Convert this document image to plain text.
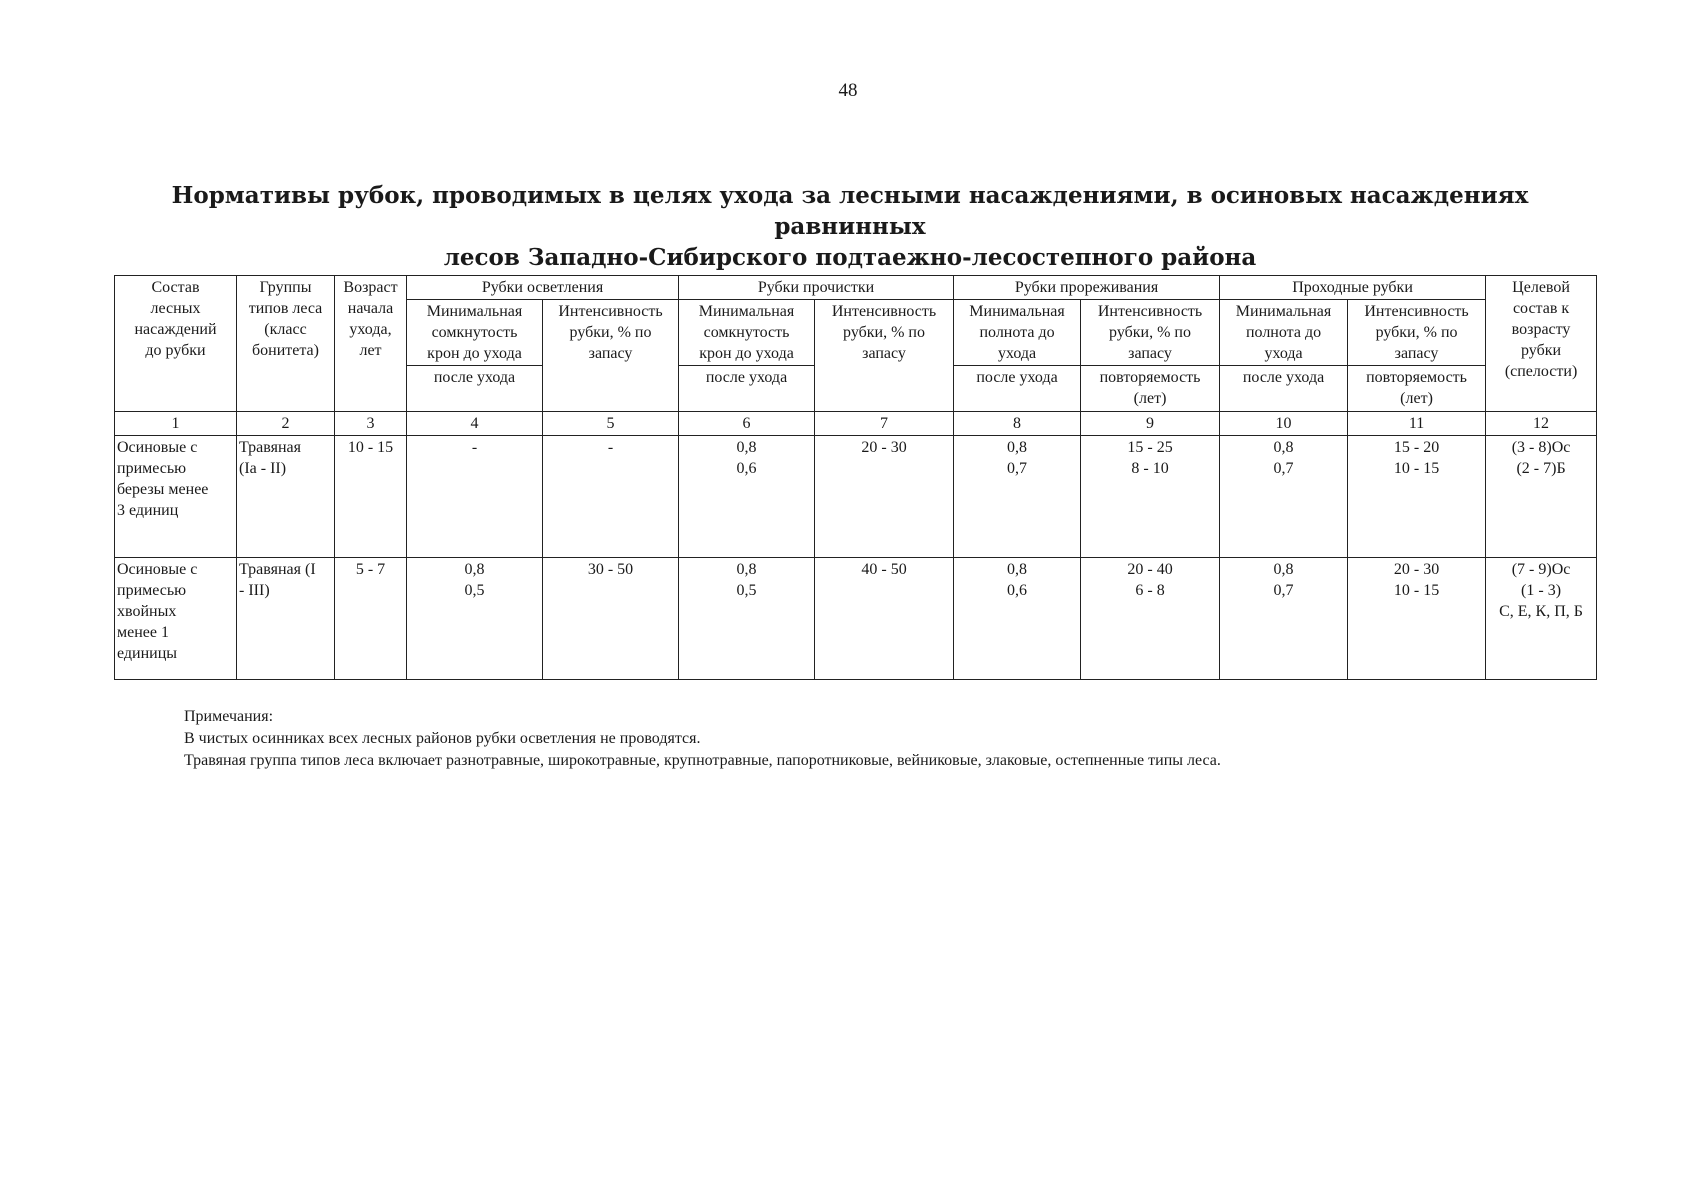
48
Нормативы рубок, проводимых в целях ухода за лесными насаждениями, в осиновых насаждениях равнинных
лесов Западно-Сибирского подтаежно-лесостепного района
Состав
лесных
насаждений
до рубки	Группы
типов леса
(класс
бонитета)	Возраст
начала
ухода,
лет	Рубки осветления		Рубки прочистки		Рубки прореживания		Проходные рубки		Целевой
состав к
возрасту
рубки
(спелости)

			Минимальная
сомкнутость
крон до ухода	Интенсивность
рубки, % по
запасу	Минимальная
сомкнутость
крон до ухода	Интенсивность
рубки, % по
запасу	Минимальная
полнота до
ухода	Интенсивность
рубки, % по
запасу	Минимальная
полнота до
ухода	Интенсивность
рубки, % по
запасу	

			после ухода		после ухода		после ухода	повторяемость
(лет)	после ухода	повторяемость
(лет)	

1	2	3	4	5	6	7	8	9	10	11	12

Осиновые с
примесью
березы менее
3 единиц	Травяная
(Iа - II)	10 - 15	-	-	0,8
0,6	20 - 30	0,8
0,7	15 - 25
8 - 10	0,8
0,7	15 - 20
10 - 15	(3 - 8)Ос
(2 - 7)Б

Осиновые с
примесью
хвойных
менее 1
единицы	Травяная (I
- III)	5 - 7	0,8
0,5	30 - 50	0,8
0,5	40 - 50	0,8
0,6	20 - 40
6 - 8	0,8
0,7	20 - 30
10 - 15	(7 - 9)Ос
(1 - 3)
С, Е, К, П, Б
Примечания:
В чистых осинниках всех лесных районов рубки осветления не проводятся.
Травяная группа типов леса включает разнотравные, широкотравные, крупнотравные, папоротниковые, вейниковые, злаковые, остепненные типы леса.
